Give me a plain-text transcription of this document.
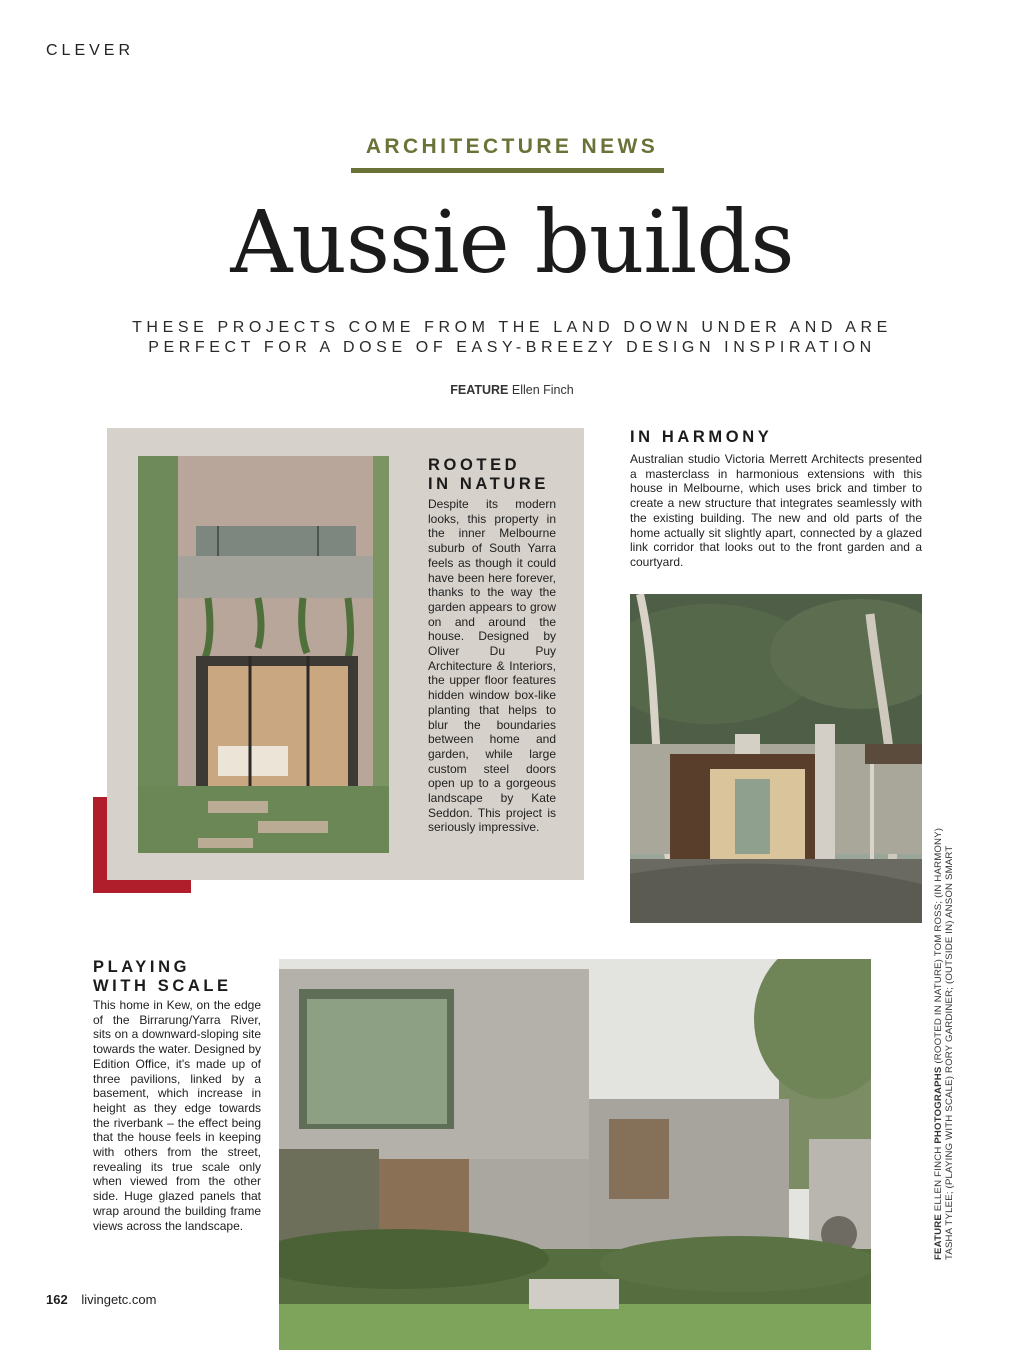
CLEVER
ARCHITECTURE NEWS
Aussie builds
THESE PROJECTS COME FROM THE LAND DOWN UNDER AND ARE
PERFECT FOR A DOSE OF EASY-BREEZY DESIGN INSPIRATION
FEATURE Ellen Finch
ROOTED
IN NATURE
Despite its modern looks, this property in the inner Melbourne suburb of South Yarra feels as though it could have been here forever, thanks to the way the garden appears to grow on and around the house. Designed by Oliver Du Puy Architecture & Interiors, the upper floor features hidden window box-like planting that helps to blur the boundaries between home and garden, while large custom steel doors open up to a gorgeous landscape by Kate Seddon. This project is seriously impressive.
IN HARMONY
Australian studio Victoria Merrett Architects presented a masterclass in harmonious extensions with this house in Melbourne, which uses brick and timber to create a new structure that integrates seamlessly with the existing building. The new and old parts of the home actually sit slightly apart, connected by a glazed link corridor that looks out to the front garden and a courtyard.
PLAYING
WITH SCALE
This home in Kew, on the edge of the Birrarung/Yarra River, sits on a downward-sloping site towards the water. Designed by Edition Office, it's made up of three pavilions, linked by a basement, which increase in height as they edge towards the riverbank – the effect being that the house feels in keeping with others from the street, revealing its true scale only when viewed from the other side. Huge glazed panels that wrap around the building frame views across the landscape.	FEATURE ELLEN FINCH PHOTOGRAPHS (ROOTED IN NATURE) TOM ROSS; (IN HARMONY) TASHA TYLEE; (PLAYING WITH SCALE) RORY GARDINER; (OUTSIDE IN) ANSON SMART
162 livingetc.com
